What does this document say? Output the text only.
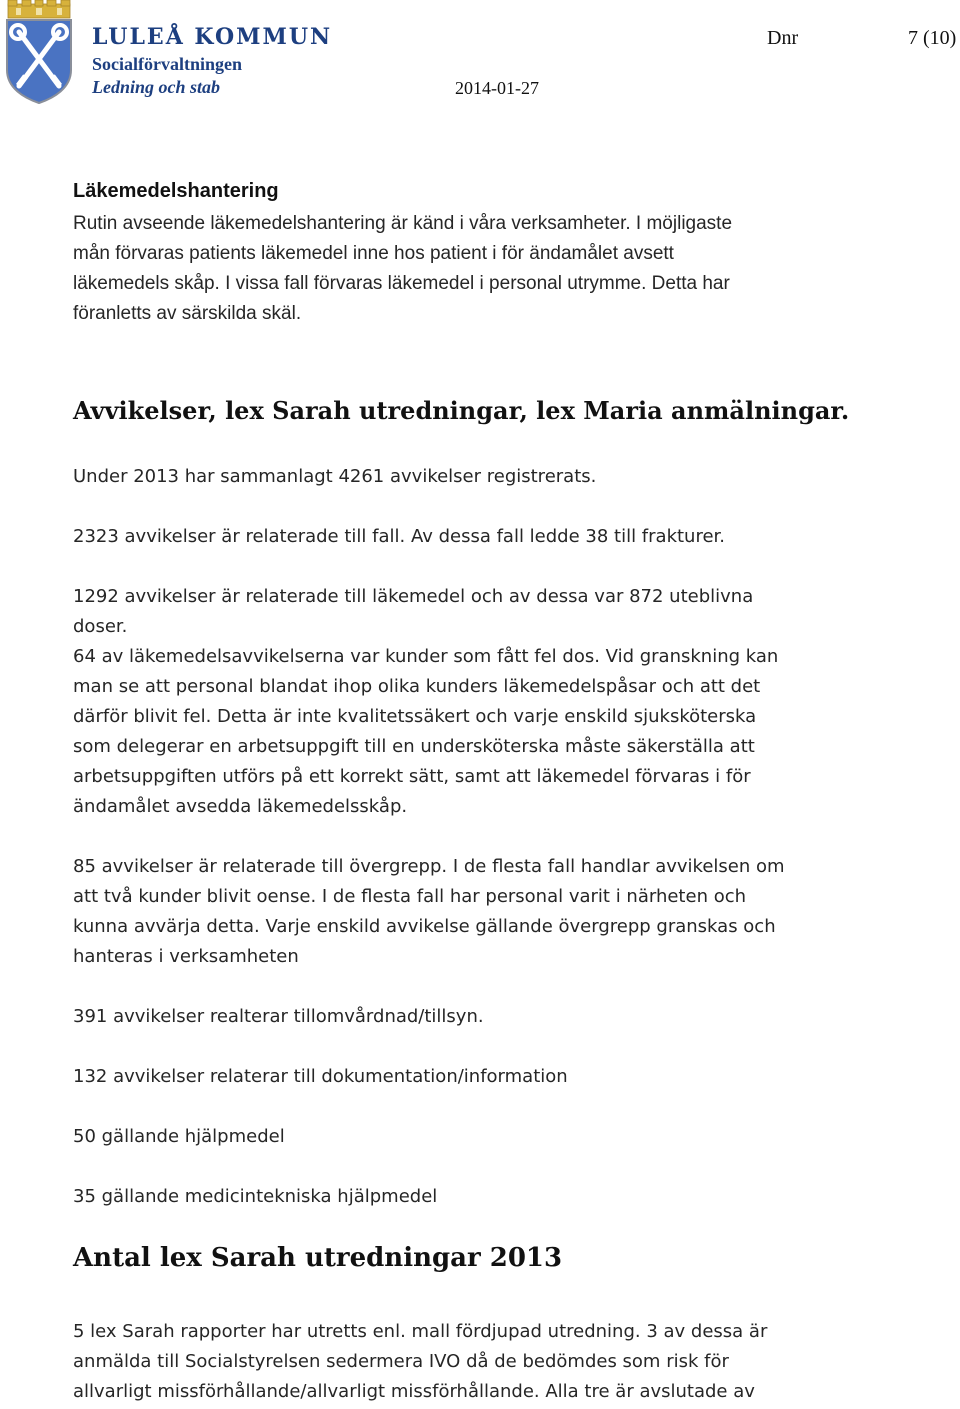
LULEÅ KOMMUN
Socialförvaltningen
Ledning och stab
Dnr	7 (10)
2014-01-27
Läkemedelshantering
Rutin avseende läkemedelshantering är känd i våra verksamheter. I möjligaste
mån förvaras patients läkemedel inne hos patient i för ändamålet avsett
läkemedels skåp. I vissa fall förvaras läkemedel i personal utrymme. Detta har
föranletts av särskilda skäl.
Avvikelser, lex Sarah utredningar, lex Maria anmälningar.

Under 2013 har sammanlagt 4261 avvikelser registrerats.

2323 avvikelser är relaterade till fall. Av dessa fall ledde 38 till frakturer.

1292 avvikelser är relaterade till läkemedel och av dessa var 872 uteblivna
doser.
64 av läkemedelsavvikelserna var kunder som fått fel dos. Vid granskning kan
man se att personal blandat ihop olika kunders läkemedelspåsar och att det
därför blivit fel. Detta är inte kvalitetssäkert och varje enskild sjuksköterska
som delegerar en arbetsuppgift till en undersköterska måste säkerställa att
arbetsuppgiften utförs på ett korrekt sätt, samt att läkemedel förvaras i för
ändamålet avsedda läkemedelsskåp.
85 avvikelser är relaterade till övergrepp. I de flesta fall handlar avvikelsen om
att två kunder blivit oense. I de flesta fall har personal varit i närheten och
kunna avvärja detta. Varje enskild avvikelse gällande övergrepp granskas och
hanteras i verksamheten

391 avvikelser realterar tillomvårdnad/tillsyn.

132 avvikelser relaterar till dokumentation/information

50 gällande hjälpmedel

35 gällande medicintekniska hjälpmedel

Antal lex Sarah utredningar 2013
5 lex Sarah rapporter har utretts enl. mall fördjupad utredning. 3 av dessa är
anmälda till Socialstyrelsen sedermera IVO då de bedömdes som risk för
allvarligt missförhållande/allvarligt missförhållande. Alla tre är avslutade av
